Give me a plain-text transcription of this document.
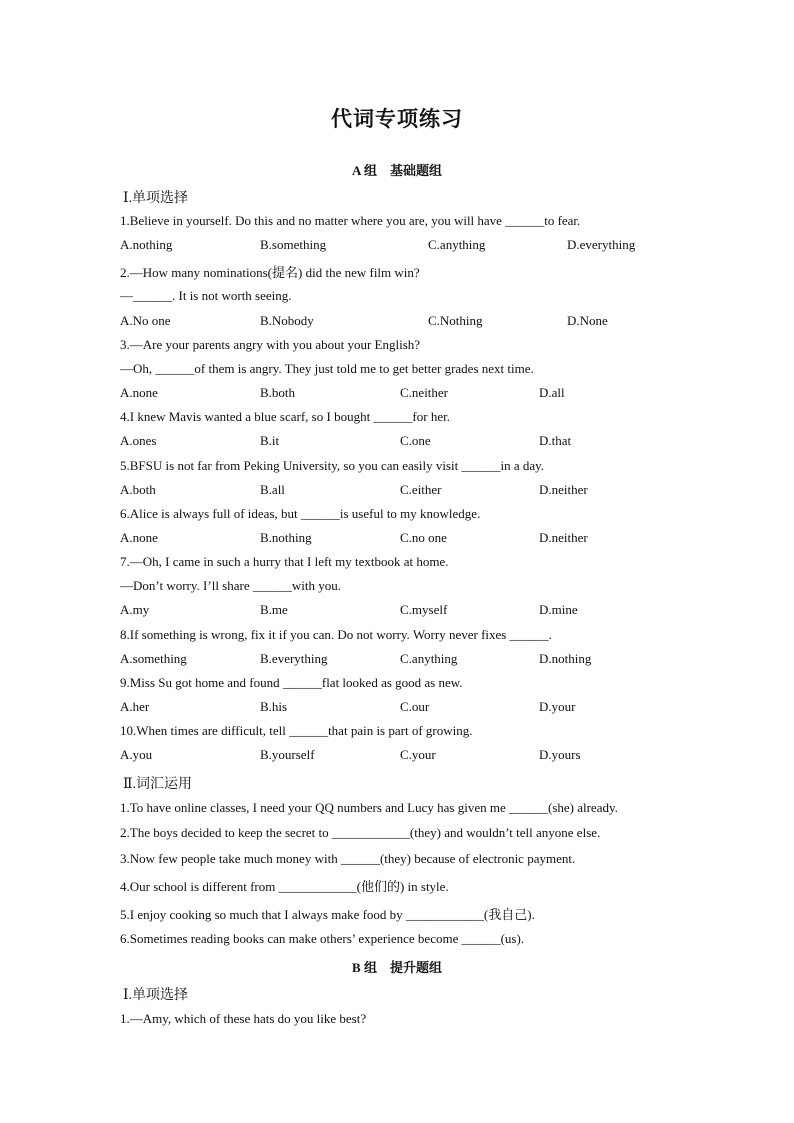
代词专项练习
A 组　基础题组
Ⅰ.单项选择
1.Believe in yourself. Do this and no matter where you are, you will have ______to fear.
A.nothing	B.something	C.anything	D.everything
2.—How many nominations(提名) did the new film win?
—______. It is not worth seeing.
A.No one	B.Nobody	C.Nothing	D.None
3.—Are your parents angry with you about your English?
—Oh, ______of them is angry. They just told me to get better grades next time.
A.none	B.both	C.neither	D.all
4.I knew Mavis wanted a blue scarf, so I bought ______for her.
A.ones	B.it	C.one	D.that
5.BFSU is not far from Peking University, so you can easily visit ______in a day.
A.both	B.all	C.either	D.neither
6.Alice is always full of ideas, but ______is useful to my knowledge.
A.none	B.nothing	C.no one	D.neither
7.—Oh, I came in such a hurry that I left my textbook at home.
—Don’t worry. I’ll share ______with you.
A.my	B.me	C.myself	D.mine
8.If something is wrong, fix it if you can. Do not worry. Worry never fixes ______.
A.something	B.everything	C.anything	D.nothing
9.Miss Su got home and found ______flat looked as good as new.
A.her	B.his	C.our	D.your
10.When times are difficult, tell ______that pain is part of growing.
A.you	B.yourself	C.your	D.yours
Ⅱ.词汇运用
1.To have online classes, I need your QQ numbers and Lucy has given me ______(she) already.
2.The boys decided to keep the secret to ____________(they) and wouldn’t tell anyone else.
3.Now few people take much money with ______(they) because of electronic payment.
4.Our school is different from ____________(他们的) in style.
5.I enjoy cooking so much that I always make food by ____________(我自己).
6.Sometimes reading books can make others’ experience become ______(us).
B 组　提升题组
Ⅰ.单项选择
1.—Amy, which of these hats do you like best?
